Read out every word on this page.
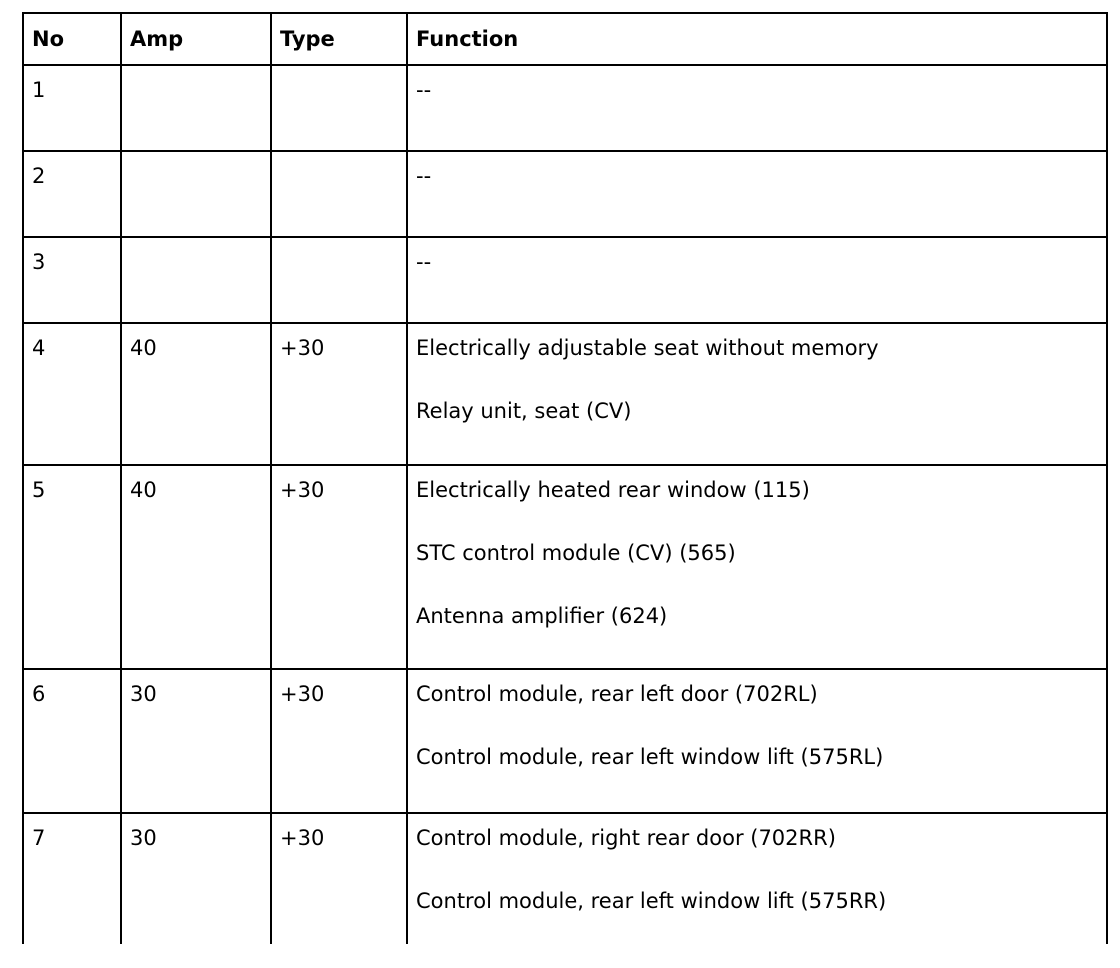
No	Amp	Type	Function
1			--

2			--

3			--

4	40	+30	Electrically adjustable seat without memory
Relay unit, seat (CV)

5	40	+30	Electrically heated rear window (115)
STC control module (CV) (565)
Antenna amplifier (624)

6	30	+30	Control module, rear left door (702RL)
Control module, rear left window lift (575RL)

7	30	+30	Control module, right rear door (702RR)
Control module, rear left window lift (575RR)
